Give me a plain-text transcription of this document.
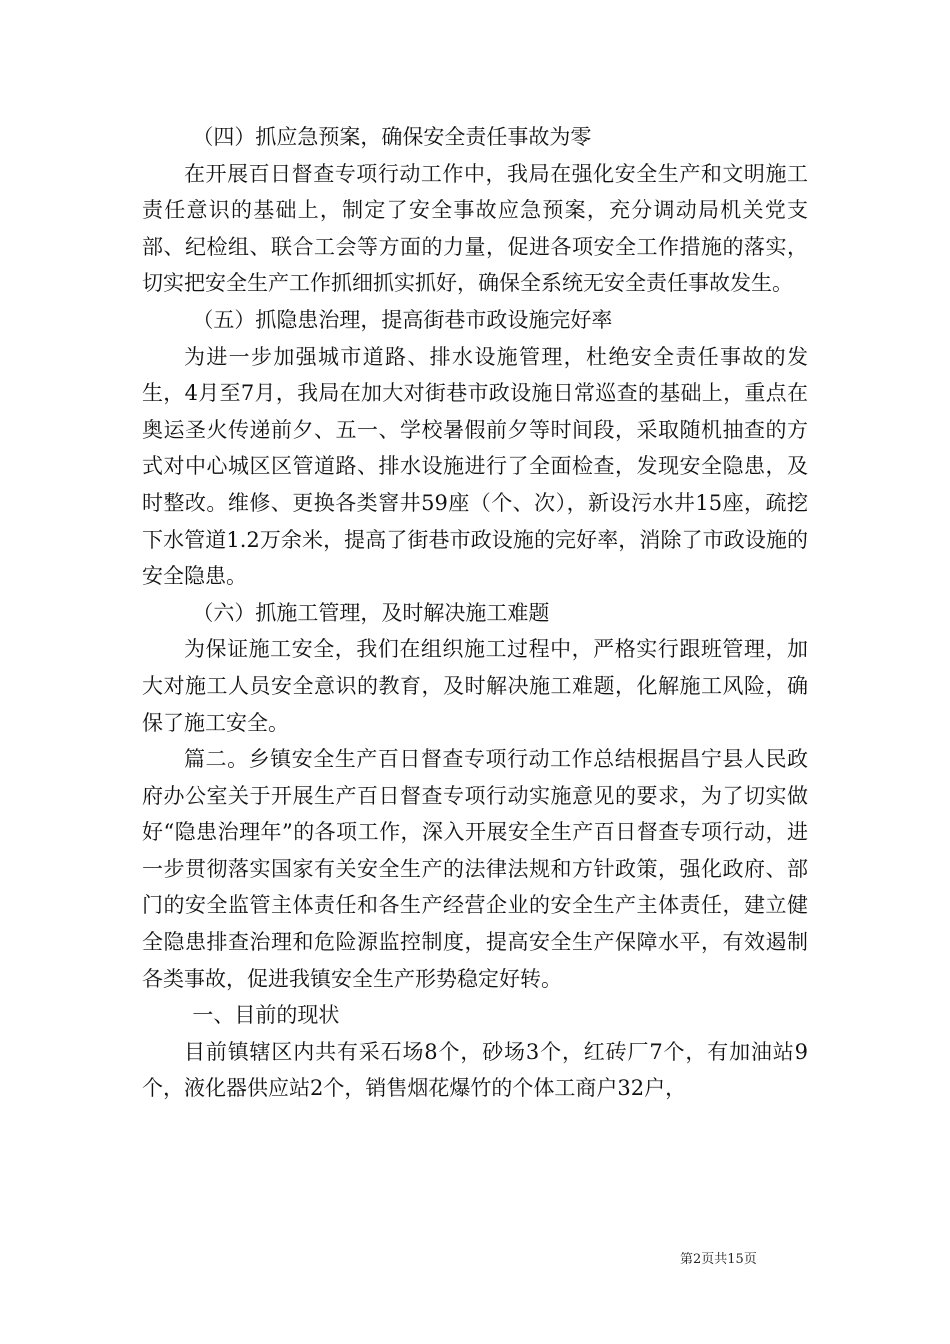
（四）抓应急预案，确保安全责任事故为零

在开展百日督查专项行动工作中，我局在强化安全生产和文明施工责任意识的基础上，制定了安全事故应急预案，充分调动局机关党支部、纪检组、联合工会等方面的力量，促进各项安全工作措施的落实，切实把安全生产工作抓细抓实抓好，确保全系统无安全责任事故发生。

（五）抓隐患治理，提高街巷市政设施完好率

为进一步加强城市道路、排水设施管理，杜绝安全责任事故的发生，4月至7月，我局在加大对街巷市政设施日常巡查的基础上，重点在奥运圣火传递前夕、五一、学校暑假前夕等时间段，采取随机抽查的方式对中心城区区管道路、排水设施进行了全面检查，发现安全隐患，及时整改。维修、更换各类窨井59座（个、次），新设污水井15座，疏挖下水管道1.2万余米，提高了街巷市政设施的完好率，消除了市政设施的安全隐患。

（六）抓施工管理，及时解决施工难题

为保证施工安全，我们在组织施工过程中，严格实行跟班管理，加大对施工人员安全意识的教育，及时解决施工难题，化解施工风险，确保了施工安全。

篇二。乡镇安全生产百日督查专项行动工作总结根据昌宁县人民政府办公室关于开展生产百日督查专项行动实施意见的要求，为了切实做好“隐患治理年”的各项工作，深入开展安全生产百日督查专项行动，进一步贯彻落实国家有关安全生产的法律法规和方针政策，强化政府、部门的安全监管主体责任和各生产经营企业的安全生产主体责任，建立健全隐患排查治理和危险源监控制度，提高安全生产保障水平，有效遏制各类事故，促进我镇安全生产形势稳定好转。

一、目前的现状

目前镇辖区内共有采石场8个，砂场3个，红砖厂7个，有加油站9个，液化器供应站2个，销售烟花爆竹的个体工商户32户，

第2页共15页
